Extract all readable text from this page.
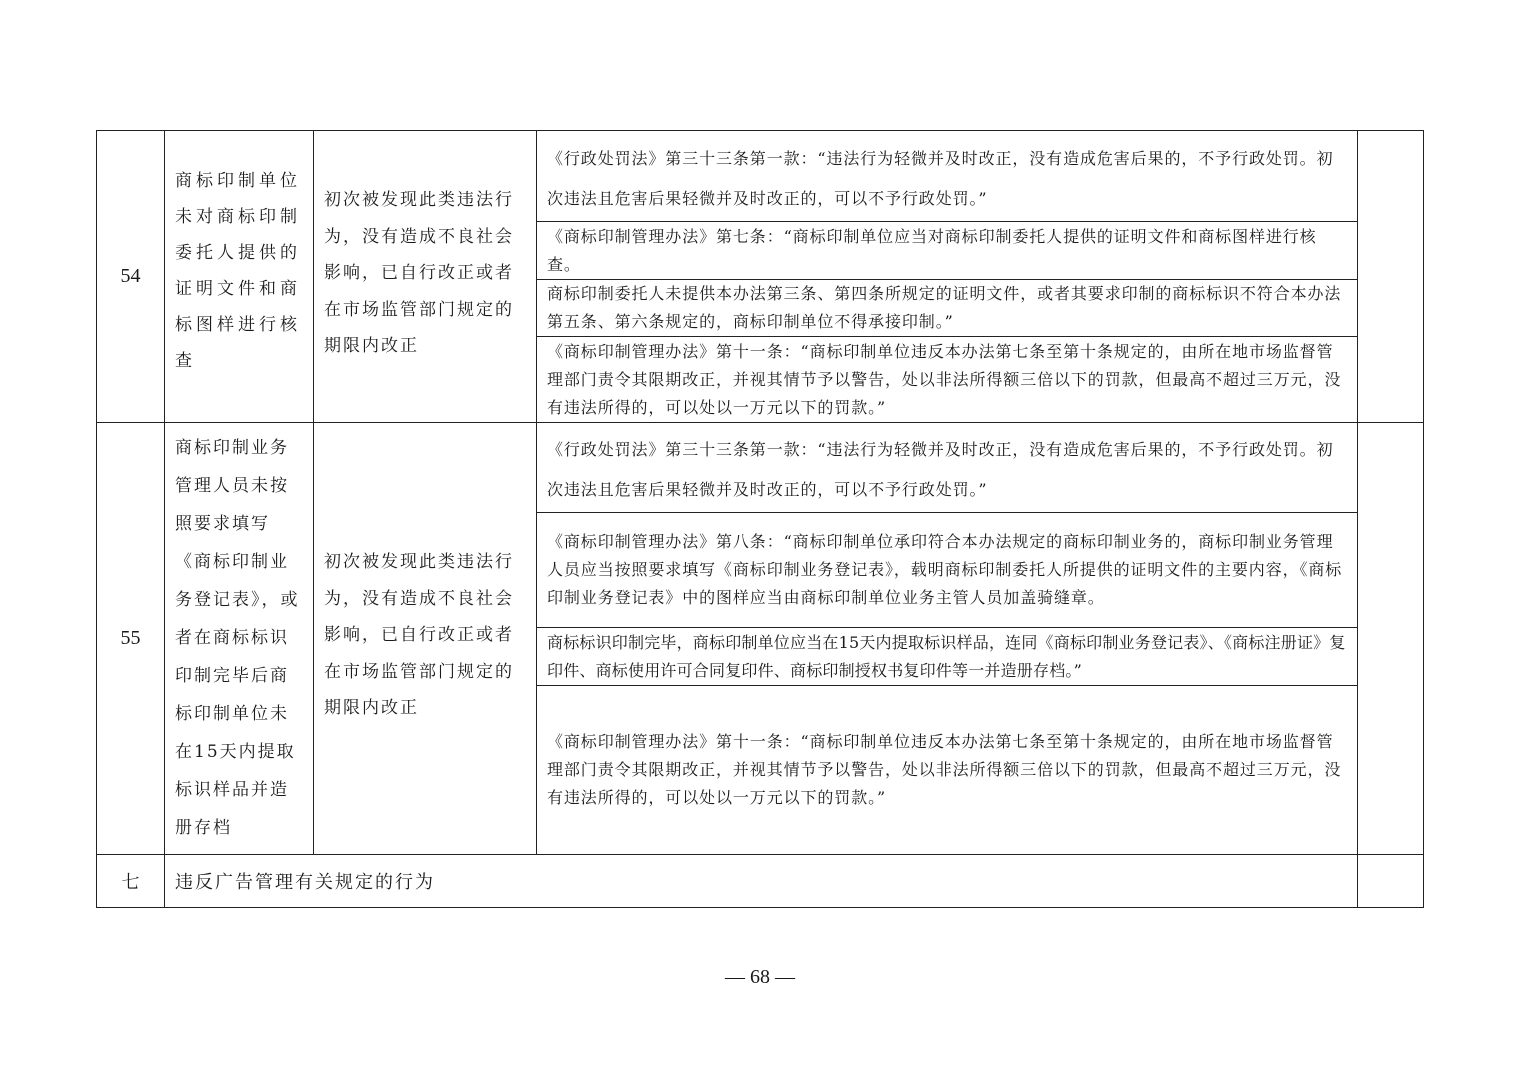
54
商标印制单位未对商标印制委托人提供的证明文件和商标图样进行核查
初次被发现此类违法行为，没有造成不良社会影响，已自行改正或者在市场监管部门规定的期限内改正
《行政处罚法》第三十三条第一款：“违法行为轻微并及时改正，没有造成危害后果的，不予行政处罚。初次违法且危害后果轻微并及时改正的，可以不予行政处罚。”
《商标印制管理办法》第七条：“商标印制单位应当对商标印制委托人提供的证明文件和商标图样进行核查。
商标印制委托人未提供本办法第三条、第四条所规定的证明文件，或者其要求印制的商标标识不符合本办法第五条、第六条规定的，商标印制单位不得承接印制。”
《商标印制管理办法》第十一条：“商标印制单位违反本办法第七条至第十条规定的，由所在地市场监督管理部门责令其限期改正，并视其情节予以警告，处以非法所得额三倍以下的罚款，但最高不超过三万元，没有违法所得的，可以处以一万元以下的罚款。”
55
商标印制业务管理人员未按照要求填写《商标印制业务登记表》，或者在商标标识印制完毕后商标印制单位未在15天内提取标识样品并造册存档
初次被发现此类违法行为，没有造成不良社会影响，已自行改正或者在市场监管部门规定的期限内改正
《行政处罚法》第三十三条第一款：“违法行为轻微并及时改正，没有造成危害后果的，不予行政处罚。初次违法且危害后果轻微并及时改正的，可以不予行政处罚。”
《商标印制管理办法》第八条：“商标印制单位承印符合本办法规定的商标印制业务的，商标印制业务管理人员应当按照要求填写《商标印制业务登记表》，载明商标印制委托人所提供的证明文件的主要内容，《商标印制业务登记表》中的图样应当由商标印制单位业务主管人员加盖骑缝章。
商标标识印制完毕，商标印制单位应当在15天内提取标识样品，连同《商标印制业务登记表》、《商标注册证》复印件、商标使用许可合同复印件、商标印制授权书复印件等一并造册存档。”
《商标印制管理办法》第十一条：“商标印制单位违反本办法第七条至第十条规定的，由所在地市场监督管理部门责令其限期改正，并视其情节予以警告，处以非法所得额三倍以下的罚款，但最高不超过三万元，没有违法所得的，可以处以一万元以下的罚款。”
七	违反广告管理有关规定的行为
— 68 —
